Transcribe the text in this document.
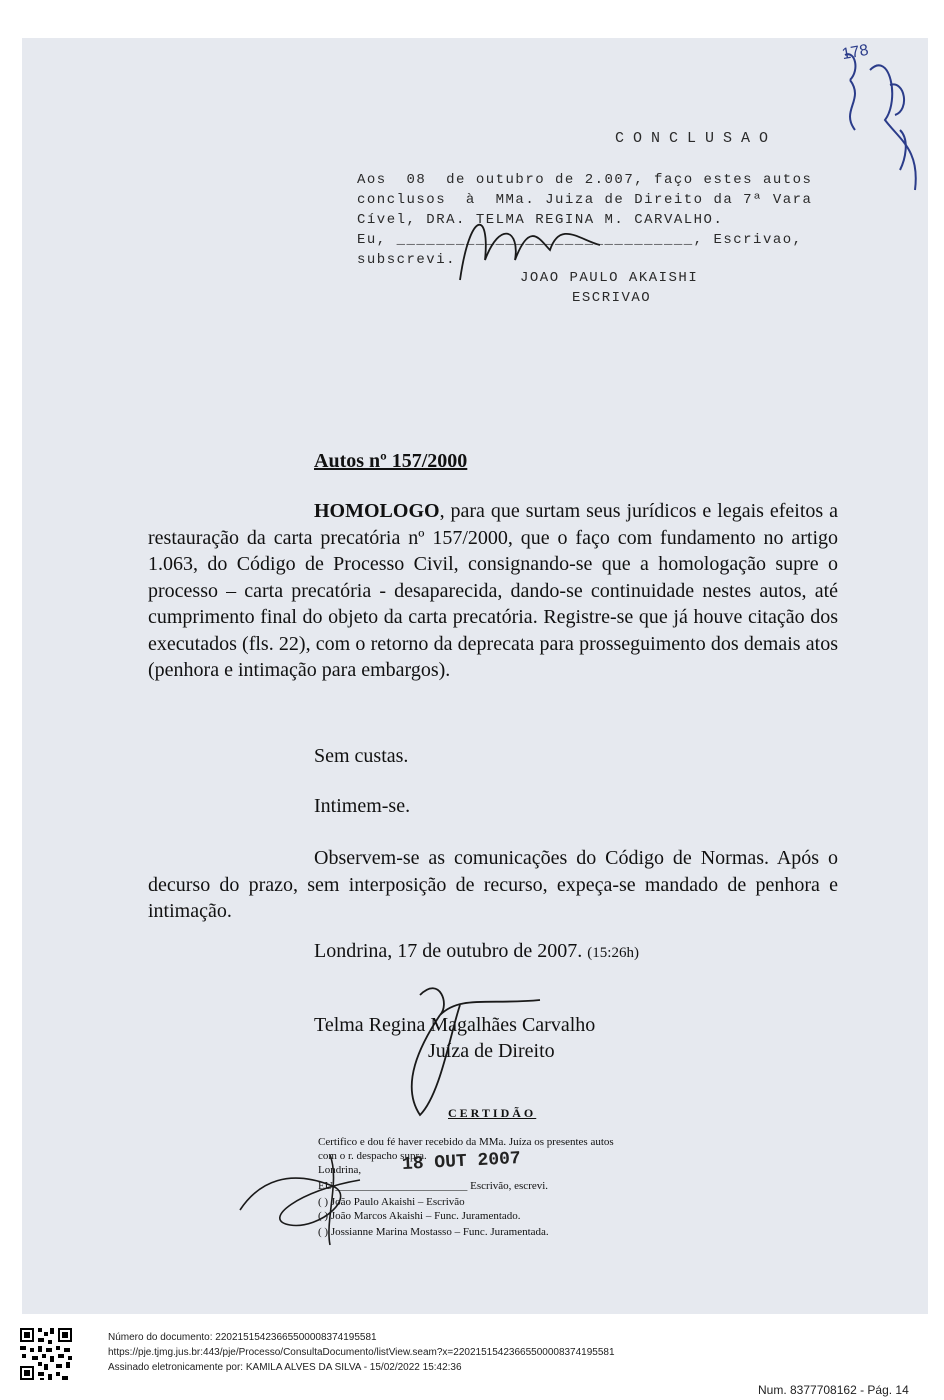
CONCLUSAO
Aos  08  de outubro de 2.007, faço estes autos
conclusos  à  MMa. Juiza de Direito da 7ª Vara
Cível, DRA. TELMA REGINA M. CARVALHO.
Eu, ______________________________, Escrivao,
subscrevi.
JOAO PAULO AKAISHI
ESCRIVAO
178
Autos nº 157/2000
HOMOLOGO, para que surtam seus jurídicos e legais efeitos a restauração da carta precatória nº 157/2000, que o faço com fundamento no artigo 1.063, do Código de Processo Civil, consignando-se que a homologação supre o processo – carta precatória - desaparecida, dando-se continuidade nestes autos, até cumprimento final do objeto da carta precatória. Registre-se que já houve citação dos executados (fls. 22), com o retorno da deprecata para prosseguimento dos demais atos (penhora e intimação para embargos).
Sem custas.
Intimem-se.
Observem-se as comunicações do Código de Normas. Após o decurso do prazo, sem interposição de recurso, expeça-se mandado de penhora e intimação.
Londrina, 17 de outubro de 2007. (15:26h)
Telma Regina Magalhães Carvalho
Juíza de Direito
CERTIDÃO
Certifico e dou fé haver recebido da MMa. Juíza os presentes autos
com o r. despacho supra.
Londrina,
EU ________________________ Escrivão, escrevi.
( ) João Paulo Akaishi – Escrivão
( ) João Marcos Akaishi – Func. Juramentado.
( ) Jossianne Marina Mostasso – Func. Juramentada.
18 OUT 2007
Número do documento: 22021515423665500008374195581
https://pje.tjmg.jus.br:443/pje/Processo/ConsultaDocumento/listView.seam?x=22021515423665500008374195581
Assinado eletronicamente por: KAMILA ALVES DA SILVA - 15/02/2022 15:42:36
Num. 8377708162 - Pág. 14
